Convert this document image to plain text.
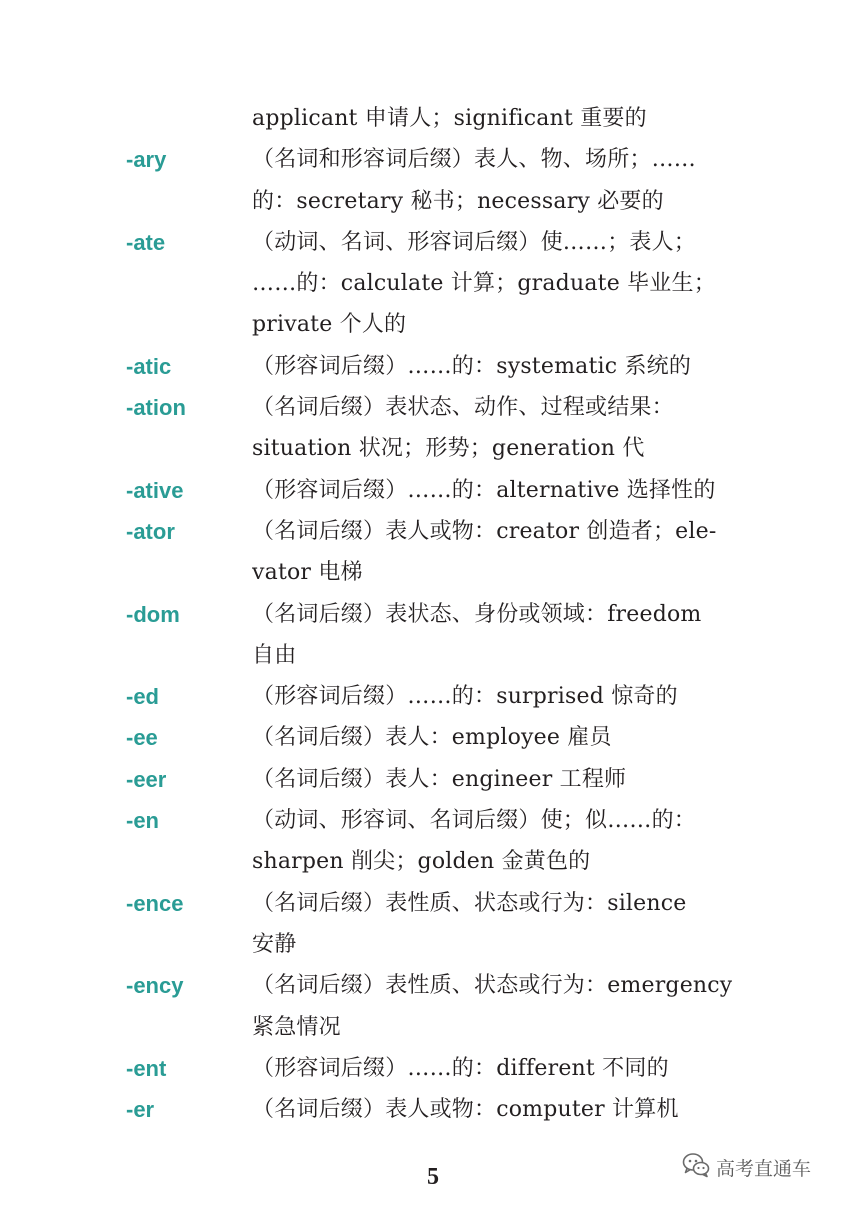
applicant 申请人；significant 重要的
-ary	（名词和形容词后缀）表人、物、场所；……
的：secretary 秘书；necessary 必要的
-ate	（动词、名词、形容词后缀）使……；表人；
……的：calculate 计算；graduate 毕业生；
private 个人的
-atic	（形容词后缀）……的：systematic 系统的
-ation	（名词后缀）表状态、动作、过程或结果：
situation 状况；形势；generation 代
-ative	（形容词后缀）……的：alternative 选择性的
-ator	（名词后缀）表人或物：creator 创造者；ele-
vator 电梯
-dom	（名词后缀）表状态、身份或领域：freedom
自由
-ed	（形容词后缀）……的：surprised 惊奇的
-ee	（名词后缀）表人：employee 雇员
-eer	（名词后缀）表人：engineer 工程师
-en	（动词、形容词、名词后缀）使；似……的：
sharpen 削尖；golden 金黄色的
-ence	（名词后缀）表性质、状态或行为：silence
安静
-ency	（名词后缀）表性质、状态或行为：emergency
紧急情况
-ent	（形容词后缀）……的：different 不同的
-er	（名词后缀）表人或物：computer 计算机
5	高考直通车
